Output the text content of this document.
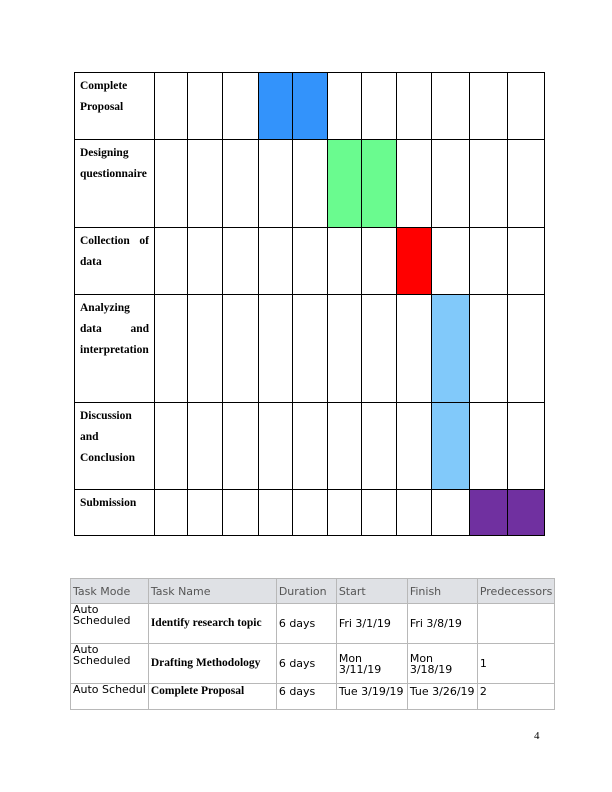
Complete Proposal											
Designing questionnaire											
Collection of data											
Analyzing data and interpretation											
Discussion and Conclusion											
Submission											
Task Mode	Task Name	Duration	Start	Finish	Predecessors
Auto Scheduled	Identify research topic	6 days	Fri 3/1/19	Fri 3/8/19	
Auto Scheduled	Drafting Methodology	6 days	Mon 3/11/19	Mon 3/18/19	1
Auto Schedul	Complete Proposal	6 days	Tue 3/19/19	Tue 3/26/19	2
4
